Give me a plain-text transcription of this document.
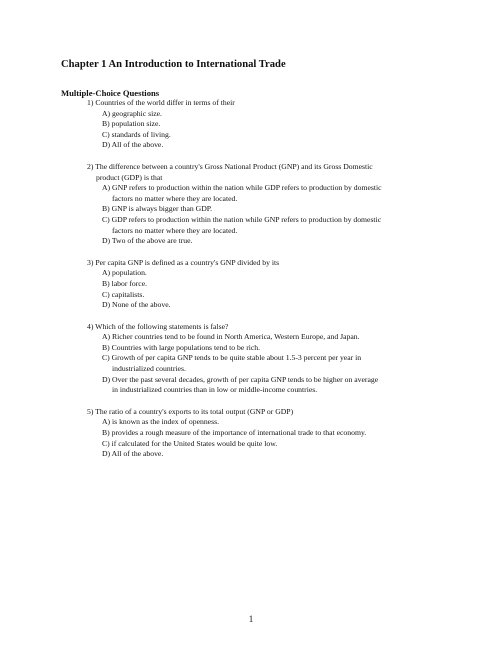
Chapter 1 An Introduction to International Trade
Multiple-Choice Questions
1) Countries of the world differ in terms of their
A) geographic size.
B) population size.
C) standards of living.
D) All of the above.
2) The difference between a country's Gross National Product (GNP) and its Gross Domestic
product (GDP) is that
A) GNP refers to production within the nation while GDP refers to production by domestic
factors no matter where they are located.
B) GNP is always bigger than GDP.
C) GDP refers to production within the nation while GNP refers to production by domestic
factors no matter where they are located.
D) Two of the above are true.
3) Per capita GNP is defined as a country's GNP divided by its
A) population.
B) labor force.
C) capitalists.
D) None of the above.
4) Which of the following statements is false?
A) Richer countries tend to be found in North America, Western Europe, and Japan.
B) Countries with large populations tend to be rich.
C) Growth of per capita GNP tends to be quite stable about 1.5-3 percent per year in
industrialized countries.
D) Over the past several decades, growth of per capita GNP tends to be higher on average
in industrialized countries than in low or middle-income countries.
5) The ratio of a country's exports to its total output (GNP or GDP)
A) is known as the index of openness.
B) provides a rough measure of the importance of international trade to that economy.
C) if calculated for the United States would be quite low.
D) All of the above.
1
